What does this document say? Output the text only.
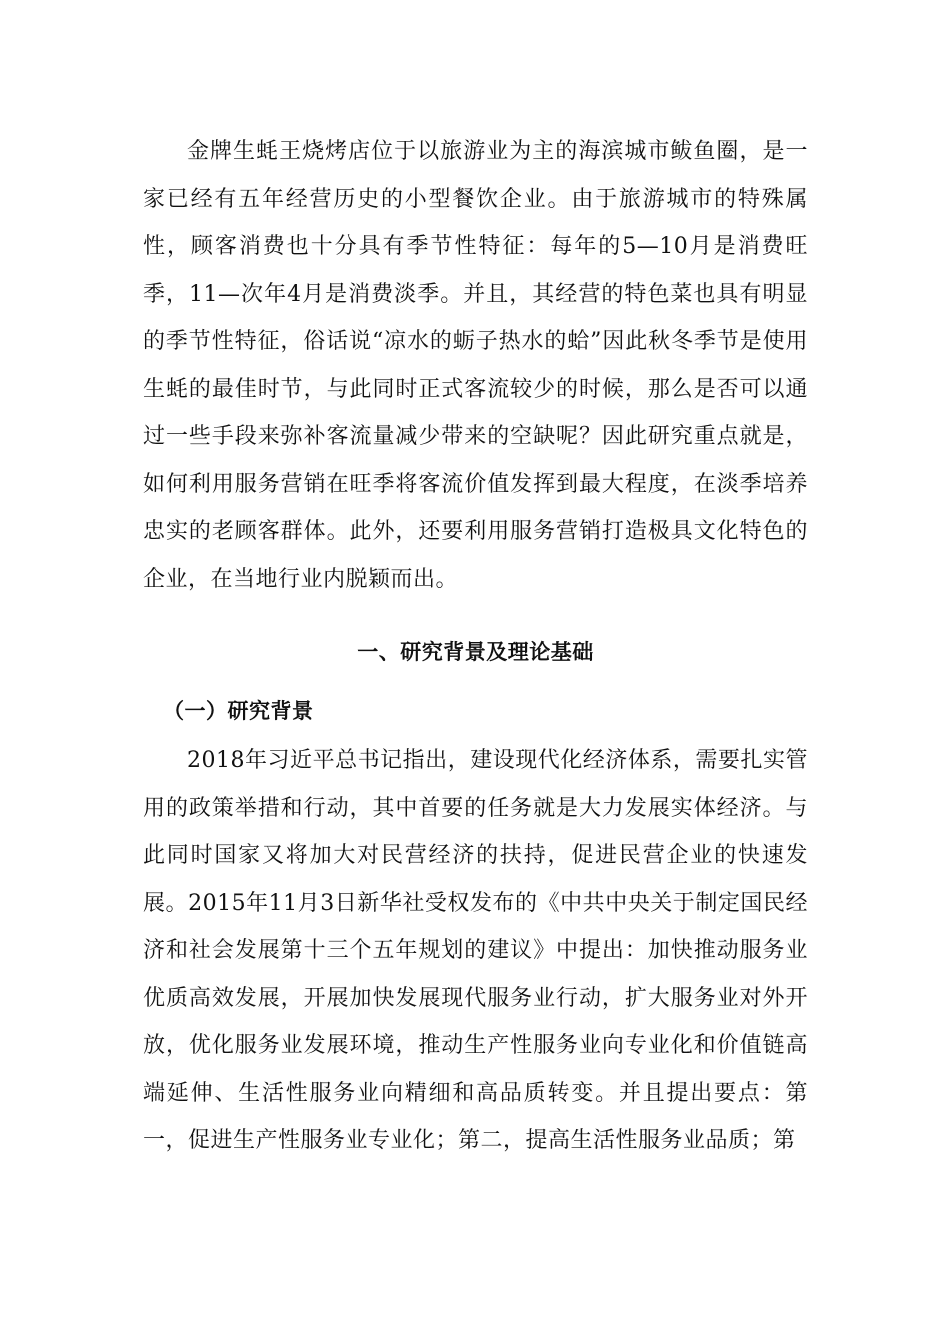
金牌生蚝王烧烤店位于以旅游业为主的海滨城市鲅鱼圈，是一家已经有五年经营历史的小型餐饮企业。由于旅游城市的特殊属性，顾客消费也十分具有季节性特征：每年的5—10月是消费旺季，11—次年4月是消费淡季。并且，其经营的特色菜也具有明显的季节性特征，俗话说“凉水的蛎子热水的蛤”因此秋冬季节是使用生蚝的最佳时节，与此同时正式客流较少的时候，那么是否可以通过一些手段来弥补客流量减少带来的空缺呢？因此研究重点就是，如何利用服务营销在旺季将客流价值发挥到最大程度，在淡季培养忠实的老顾客群体。此外，还要利用服务营销打造极具文化特色的企业，在当地行业内脱颖而出。

一、研究背景及理论基础
（一）研究背景

2018年习近平总书记指出，建设现代化经济体系，需要扎实管用的政策举措和行动，其中首要的任务就是大力发展实体经济。与此同时国家又将加大对民营经济的扶持，促进民营企业的快速发展。2015年11月3日新华社受权发布的《中共中央关于制定国民经济和社会发展第十三个五年规划的建议》中提出：加快推动服务业优质高效发展，开展加快发展现代服务业行动，扩大服务业对外开放，优化服务业发展环境，推动生产性服务业向专业化和价值链高端延伸、生活性服务业向精细和高品质转变。并且提出要点：第一，促进生产性服务业专业化；第二，提高生活性服务业品质；第
